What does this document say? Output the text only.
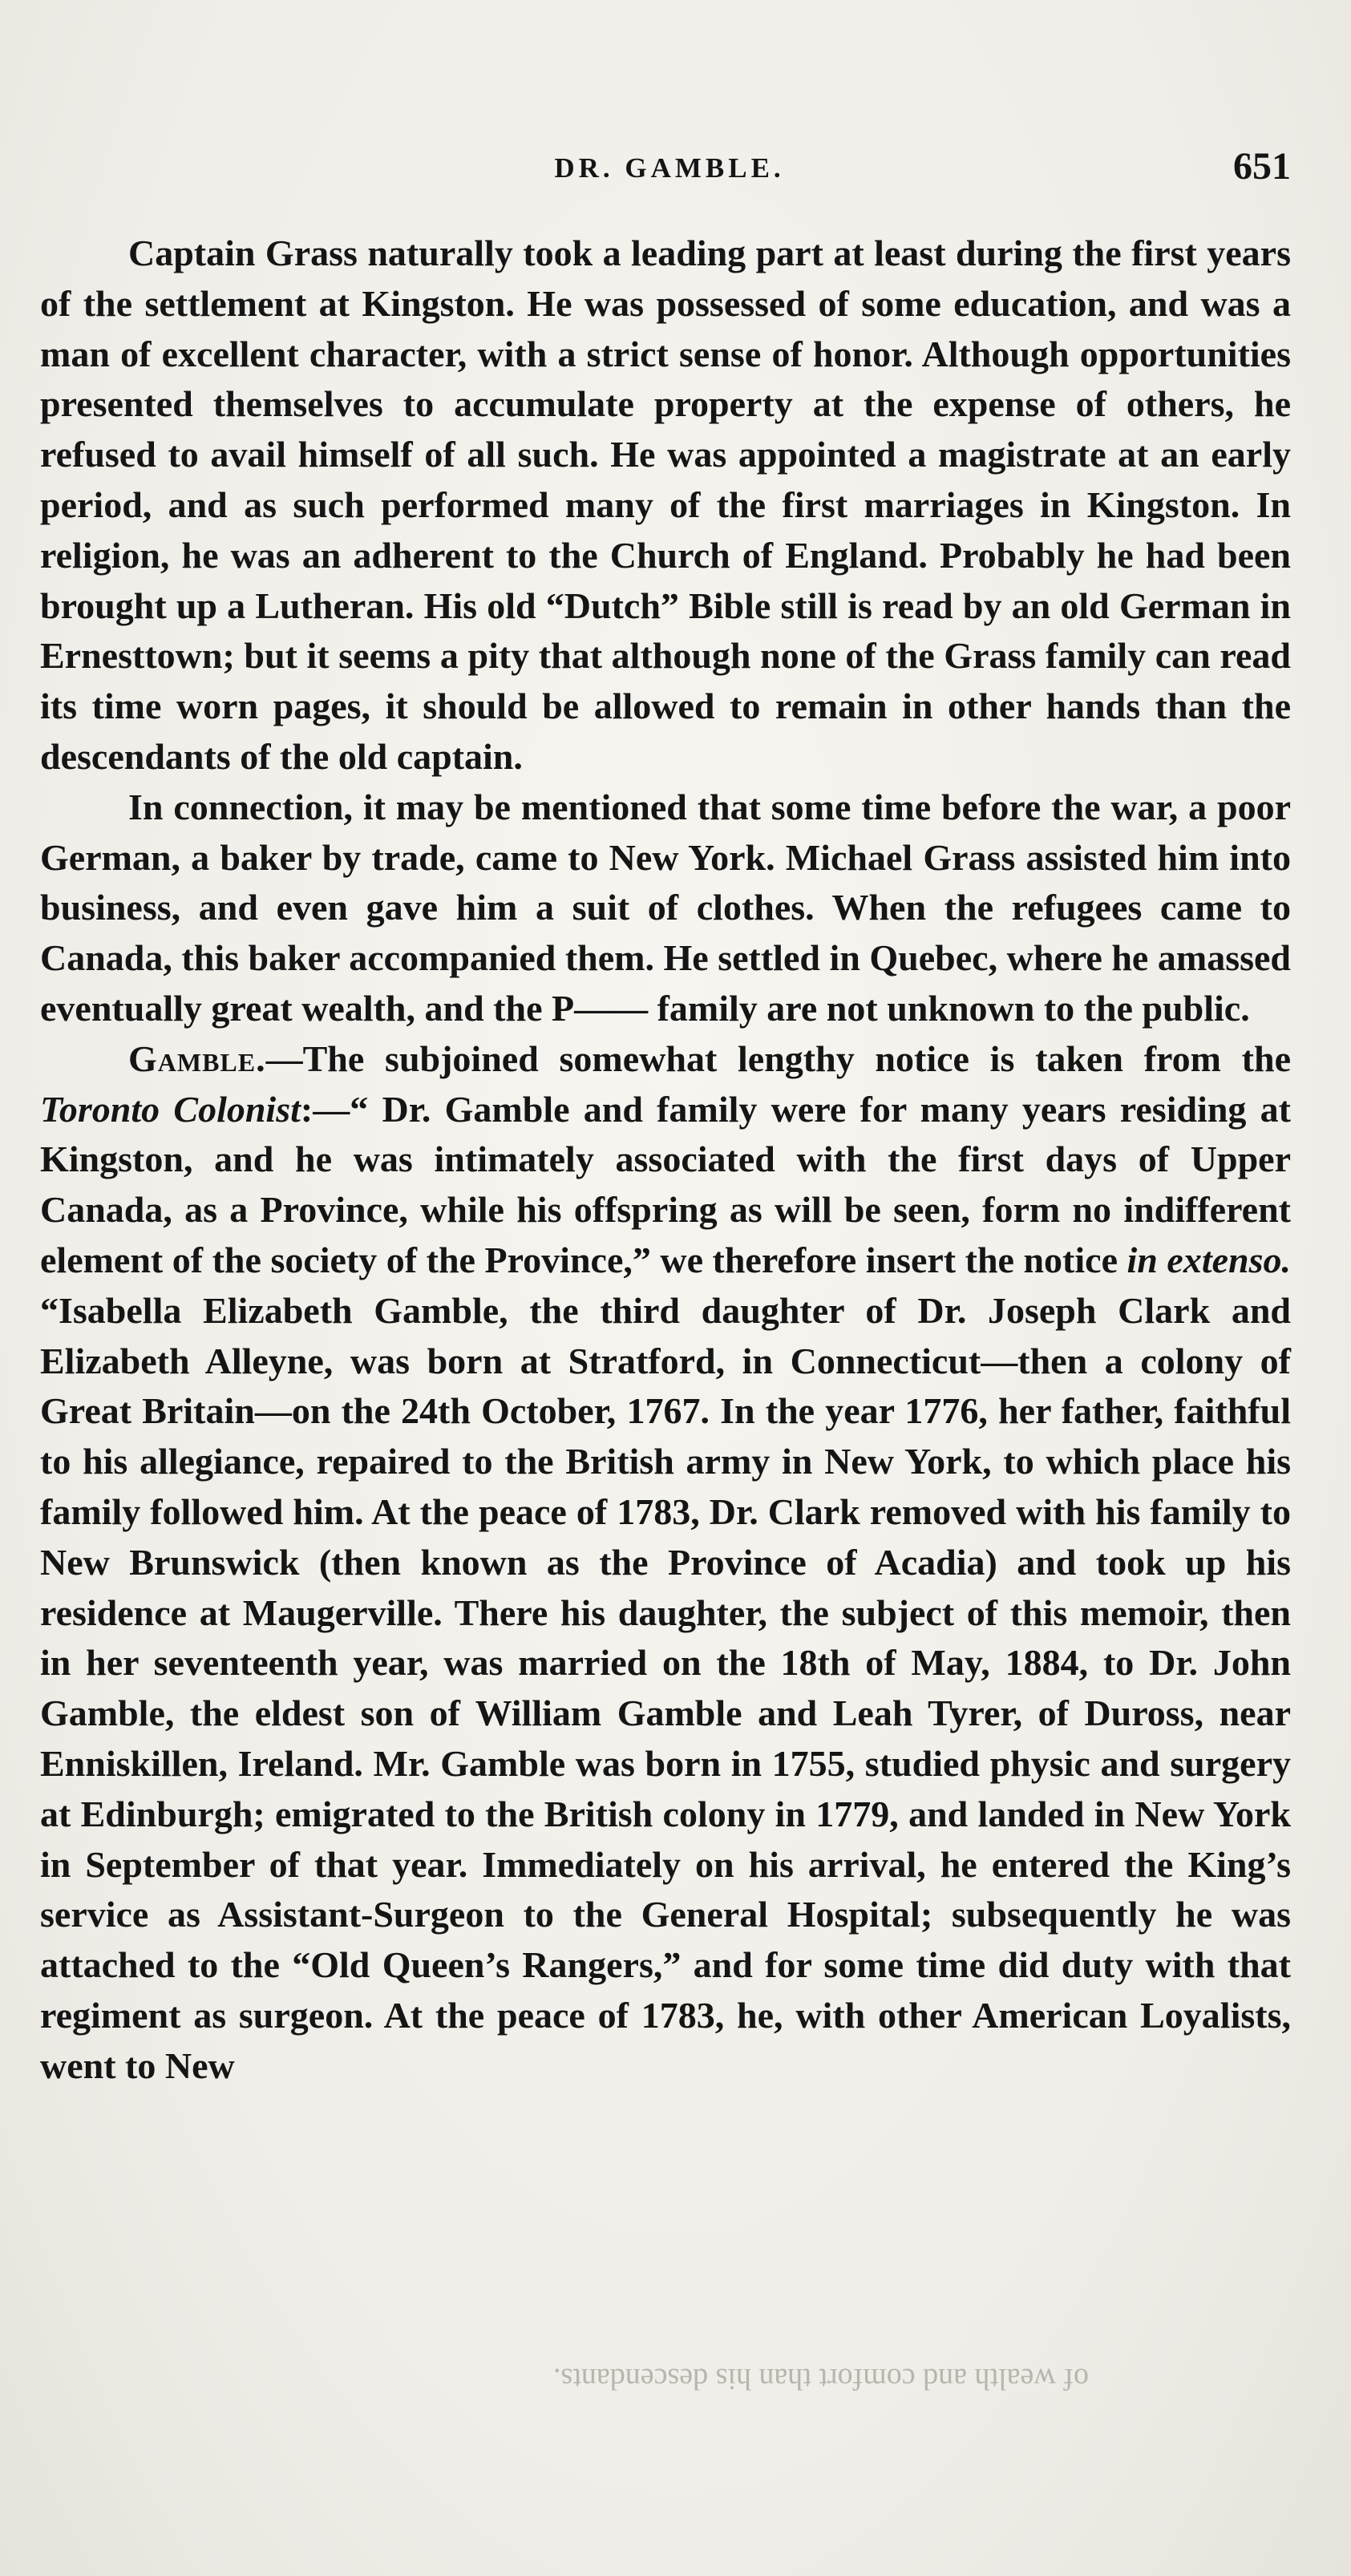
DR. GAMBLE.	651

Captain Grass naturally took a leading part at least during the first years of the settlement at Kingston. He was possessed of some education, and was a man of excellent character, with a strict sense of honor. Although opportunities presented themselves to accumulate property at the expense of others, he refused to avail himself of all such. He was appointed a magistrate at an early period, and as such performed many of the first marriages in Kingston. In religion, he was an adherent to the Church of England. Probably he had been brought up a Lutheran. His old “Dutch” Bible still is read by an old German in Ernesttown; but it seems a pity that although none of the Grass family can read its time worn pages, it should be allowed to remain in other hands than the descendants of the old captain.

In connection, it may be mentioned that some time before the war, a poor German, a baker by trade, came to New York. Michael Grass assisted him into business, and even gave him a suit of clothes. When the refugees came to Canada, this baker accompanied them. He settled in Quebec, where he amassed eventually great wealth, and the P—— family are not unknown to the public.

Gamble.—The subjoined somewhat lengthy notice is taken from the Toronto Colonist:—“ Dr. Gamble and family were for many years residing at Kingston, and he was intimately associated with the first days of Upper Canada, as a Province, while his offspring as will be seen, form no indifferent element of the society of the Province,” we therefore insert the notice in extenso. “Isabella Elizabeth Gamble, the third daughter of Dr. Joseph Clark and Elizabeth Alleyne, was born at Stratford, in Connecticut—then a colony of Great Britain—on the 24th October, 1767. In the year 1776, her father, faithful to his allegiance, repaired to the British army in New York, to which place his family followed him. At the peace of 1783, Dr. Clark removed with his family to New Brunswick (then known as the Province of Acadia) and took up his residence at Maugerville. There his daughter, the subject of this memoir, then in her seventeenth year, was married on the 18th of May, 1884, to Dr. John Gamble, the eldest son of William Gamble and Leah Tyrer, of Duross, near Enniskillen, Ireland. Mr. Gamble was born in 1755, studied physic and surgery at Edinburgh; emigrated to the British colony in 1779, and landed in New York in September of that year. Immediately on his arrival, he entered the King’s service as Assistant-Surgeon to the General Hospital; subsequently he was attached to the “Old Queen’s Rangers,” and for some time did duty with that regiment as surgeon. At the peace of 1783, he, with other American Loyalists, went to New

of wealth and comfort than his descendants.
